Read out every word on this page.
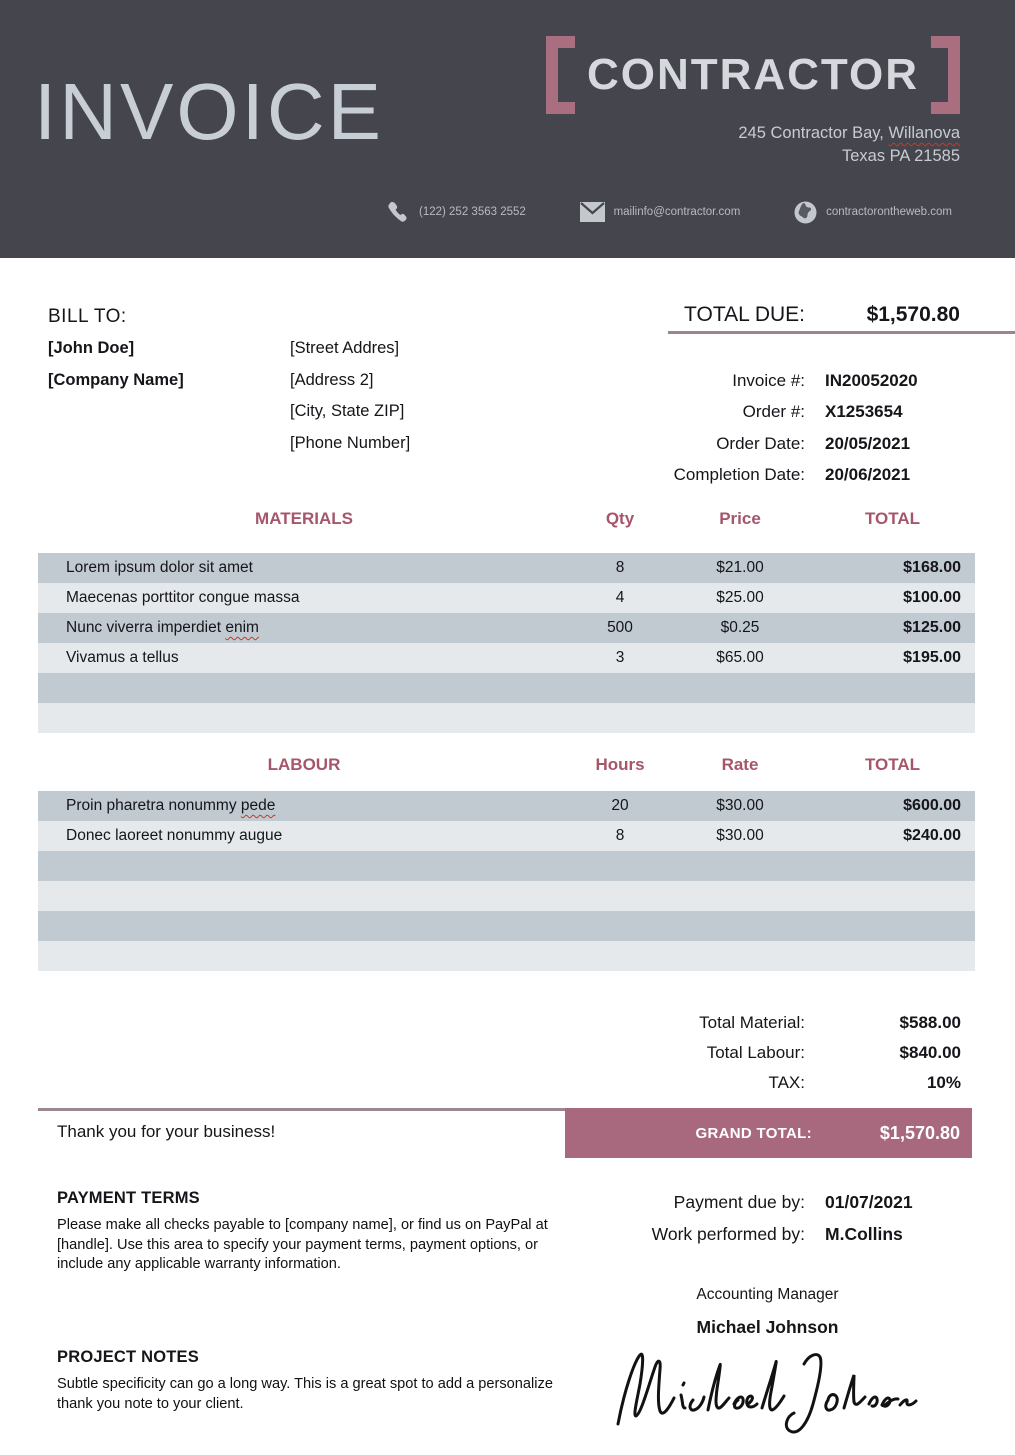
INVOICE	CONTRACTOR
245 Contractor Bay, Willanova
Texas PA 21585
(122) 252 3563 2552	mailinfo@contractor.com	contractorontheweb.com
BILL TO:
[John Doe]
[Company Name]
[Street Addres]
[Address 2]
[City, State ZIP]
[Phone Number]
TOTAL DUE:	$1,570.80
Invoice #: IN20052020
Order #: X1253654
Order Date: 20/05/2021
Completion Date: 20/06/2021
MATERIALS	Qty	Price	TOTAL
Lorem ipsum dolor sit amet	8	$21.00	$168.00
Maecenas porttitor congue massa	4	$25.00	$100.00
Nunc viverra imperdiet enim	500	$0.25	$125.00
Vivamus a tellus	3	$65.00	$195.00
LABOUR	Hours	Rate	TOTAL
Proin pharetra nonummy pede	20	$30.00	$600.00
Donec laoreet nonummy augue	8	$30.00	$240.00
Total Material:	$588.00
Total Labour:	$840.00
TAX:	10%
Thank you for your business!	GRAND TOTAL:	$1,570.80
PAYMENT TERMS
Please make all checks payable to [company name], or find us on PayPal at [handle]. Use this area to specify your payment terms, payment options, or include any applicable warranty information.
Payment due by: 01/07/2021
Work performed by: M.Collins
Accounting Manager
Michael Johnson
PROJECT NOTES
Subtle specificity can go a long way. This is a great spot to add a personalize thank you note to your client.
